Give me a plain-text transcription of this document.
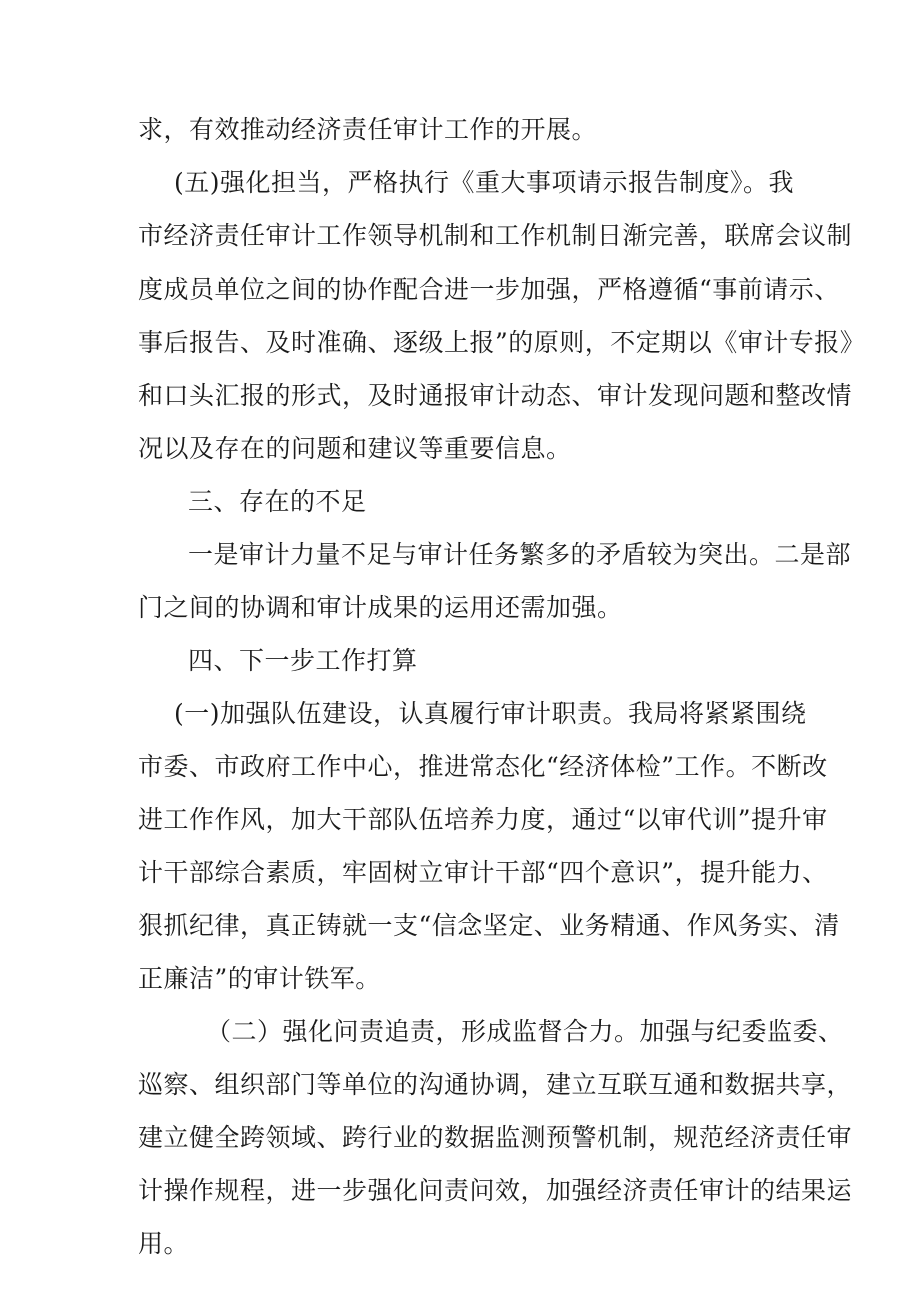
求，有效推动经济责任审计工作的开展。

(五)强化担当，严格执行《重大事项请示报告制度》。我

市经济责任审计工作领导机制和工作机制日渐完善，联席会议制

度成员单位之间的协作配合进一步加强，严格遵循“事前请示、

事后报告、及时准确、逐级上报”的原则，不定期以《审计专报》

和口头汇报的形式，及时通报审计动态、审计发现问题和整改情

况以及存在的问题和建议等重要信息。

三、存在的不足

一是审计力量不足与审计任务繁多的矛盾较为突出。二是部

门之间的协调和审计成果的运用还需加强。

四、下一步工作打算

(一)加强队伍建设，认真履行审计职责。我局将紧紧围绕

市委、市政府工作中心，推进常态化“经济体检”工作。不断改

进工作作风，加大干部队伍培养力度，通过“以审代训”提升审

计干部综合素质，牢固树立审计干部“四个意识”，提升能力、

狠抓纪律，真正铸就一支“信念坚定、业务精通、作风务实、清

正廉洁”的审计铁军。

（二）强化问责追责，形成监督合力。加强与纪委监委、

巡察、组织部门等单位的沟通协调，建立互联互通和数据共享，

建立健全跨领域、跨行业的数据监测预警机制，规范经济责任审

计操作规程，进一步强化问责问效，加强经济责任审计的结果运

用。
